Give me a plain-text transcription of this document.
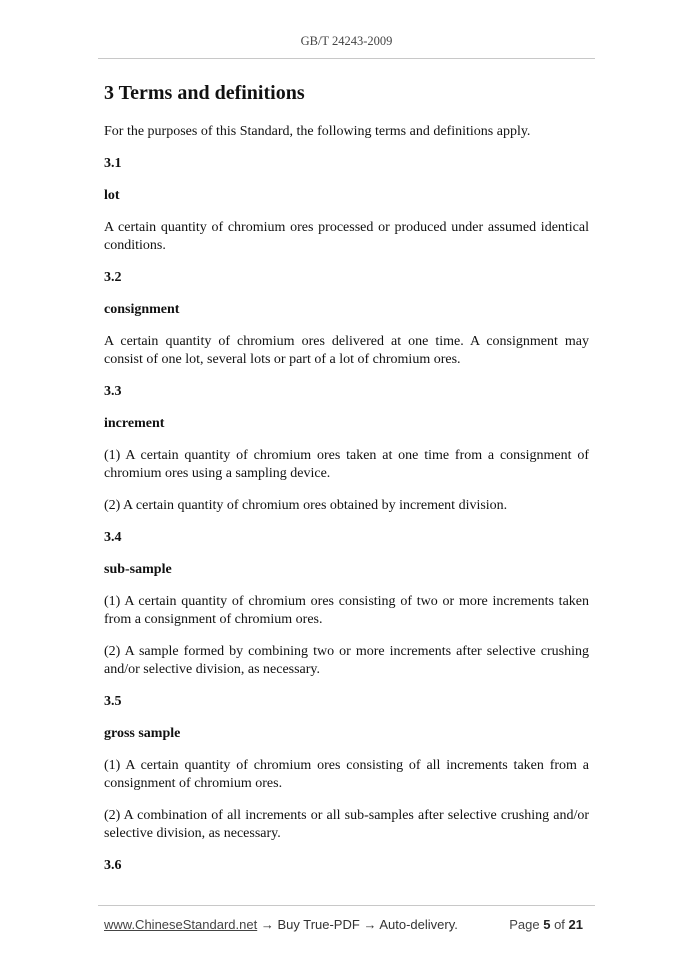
GB/T 24243-2009
3 Terms and definitions

For the purposes of this Standard, the following terms and definitions apply.

3.1

lot

A certain quantity of chromium ores processed or produced under assumed identical conditions.

3.2

consignment

A certain quantity of chromium ores delivered at one time. A consignment may consist of one lot, several lots or part of a lot of chromium ores.

3.3

increment

(1) A certain quantity of chromium ores taken at one time from a consignment of chromium ores using a sampling device.

(2) A certain quantity of chromium ores obtained by increment division.

3.4

sub-sample

(1) A certain quantity of chromium ores consisting of two or more increments taken from a consignment of chromium ores.

(2) A sample formed by combining two or more increments after selective crushing and/or selective division, as necessary.

3.5

gross sample

(1) A certain quantity of chromium ores consisting of all increments taken from a consignment of chromium ores.

(2) A combination of all increments or all sub-samples after selective crushing and/or selective division, as necessary.

3.6

www.ChineseStandard.net → Buy True-PDF → Auto-delivery.	Page 5 of 21
